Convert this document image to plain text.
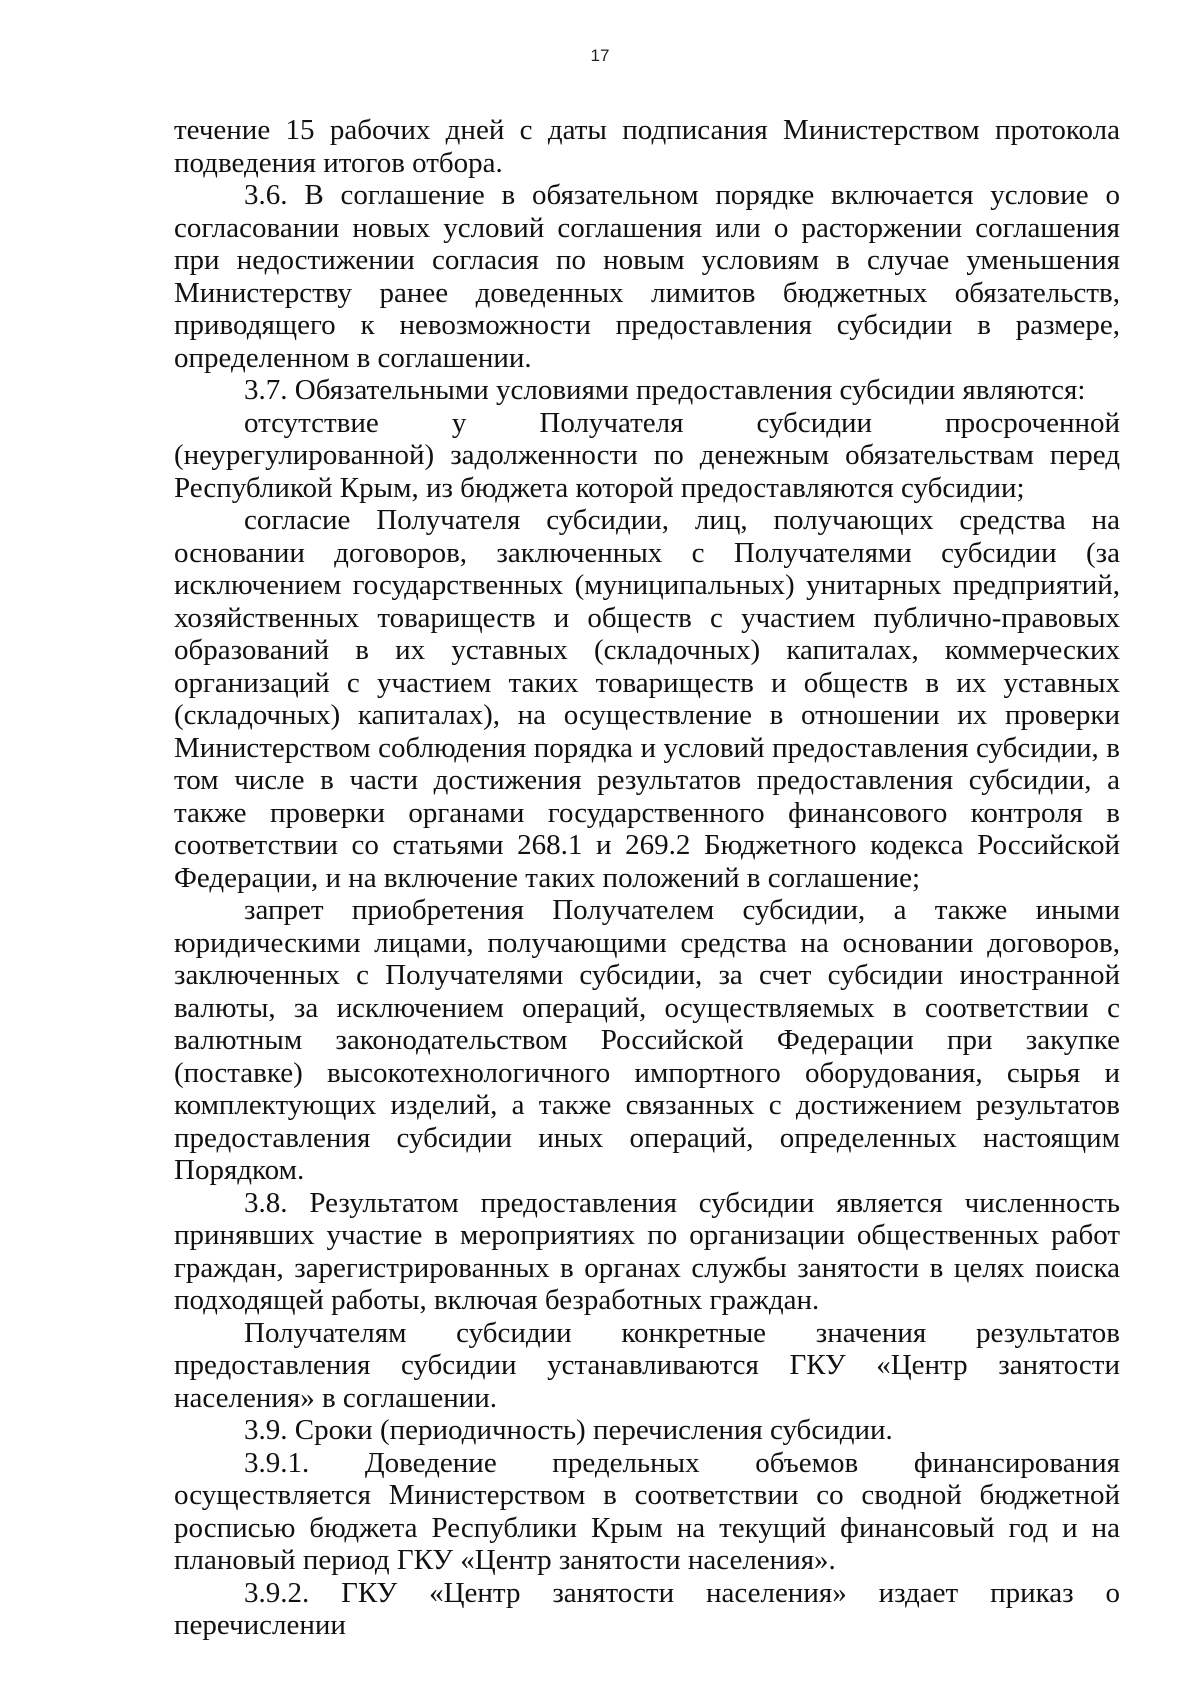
17

течение 15 рабочих дней с даты подписания Министерством протокола подведения итогов отбора.

3.6. В соглашение в обязательном порядке включается условие о согласовании новых условий соглашения или о расторжении соглашения при недостижении согласия по новым условиям в случае уменьшения Министерству ранее доведенных лимитов бюджетных обязательств, приводящего к невозможности предоставления субсидии в размере, определенном в соглашении.

3.7. Обязательными условиями предоставления субсидии являются:

отсутствие у Получателя субсидии просроченной (неурегулированной) задолженности по денежным обязательствам перед Республикой Крым, из бюджета которой предоставляются субсидии;

согласие Получателя субсидии, лиц, получающих средства на основании договоров, заключенных с Получателями субсидии (за исключением государственных (муниципальных) унитарных предприятий, хозяйственных товариществ и обществ с участием публично-правовых образований в их уставных (складочных) капиталах, коммерческих организаций с участием таких товариществ и обществ в их уставных (складочных) капиталах), на осуществление в отношении их проверки Министерством соблюдения порядка и условий предоставления субсидии, в том числе в части достижения результатов предоставления субсидии, а также проверки органами государственного финансового контроля в соответствии со статьями 268.1 и 269.2 Бюджетного кодекса Российской Федерации, и на включение таких положений в соглашение;

запрет приобретения Получателем субсидии, а также иными юридическими лицами, получающими средства на основании договоров, заключенных с Получателями субсидии, за счет субсидии иностранной валюты, за исключением операций, осуществляемых в соответствии с валютным законодательством Российской Федерации при закупке (поставке) высокотехнологичного импортного оборудования, сырья и комплектующих изделий, а также связанных с достижением результатов предоставления субсидии иных операций, определенных настоящим Порядком.

3.8. Результатом предоставления субсидии является численность принявших участие в мероприятиях по организации общественных работ граждан, зарегистрированных в органах службы занятости в целях поиска подходящей работы, включая безработных граждан.

Получателям субсидии конкретные значения результатов предоставления субсидии устанавливаются ГКУ «Центр занятости населения» в соглашении.

3.9. Сроки (периодичность) перечисления субсидии.

3.9.1. Доведение предельных объемов финансирования осуществляется Министерством в соответствии со сводной бюджетной росписью бюджета Республики Крым на текущий финансовый год и на плановый период ГКУ «Центр занятости населения».

3.9.2. ГКУ «Центр занятости населения» издает приказ о перечислении
